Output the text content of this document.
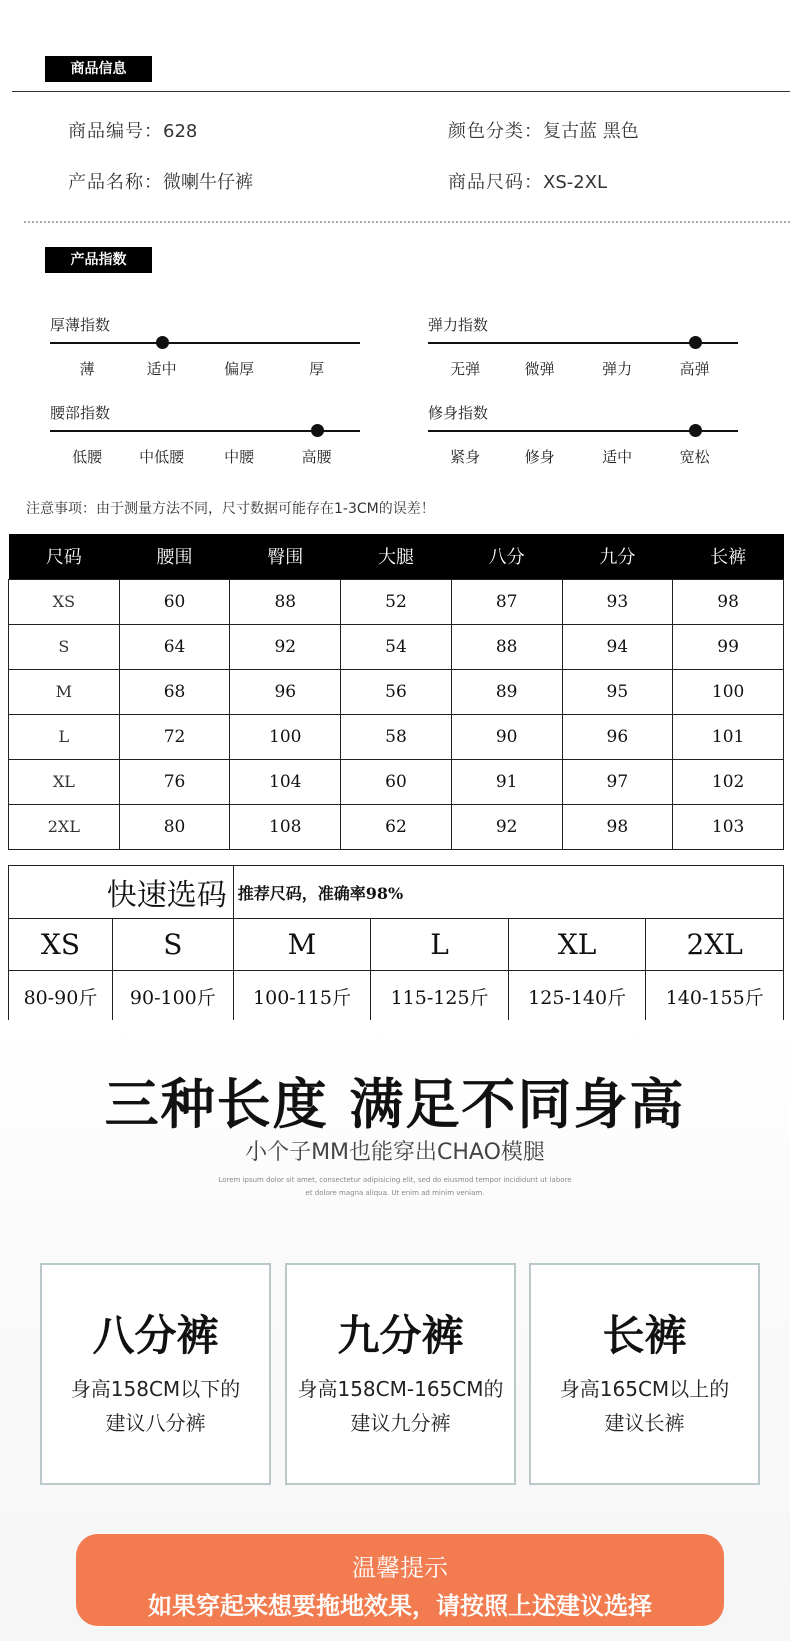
商品信息
商品编号：628
产品名称：微喇牛仔裤
颜色分类：复古蓝 黑色
商品尺码：XS-2XL
产品指数
厚薄指数
薄	适中	偏厚	厚
弹力指数
无弹	微弹	弹力	高弹
腰部指数
低腰 中低腰	中腰	高腰
修身指数
紧身	修身	适中	宽松
注意事项：由于测量方法不同，尺寸数据可能存在1-3CM的误差！
尺码	腰围	臀围	大腿	八分	九分	长裤
XS	60	88	52	87	93	98
S	64	92	54	88	94	99
M	68	96	56	89	95	100
L	72	100	58	90	96	101
XL	76	104	60	91	97	102
2XL	80	108	62	92	98	103
快速选码		推荐尺码，准确率98%			
XS	S	M	L	XL	2XL
80-90斤	90-100斤	100-115斤	115-125斤	125-140斤	140-155斤
三种长度 满足不同身高
小个子MM也能穿出CHAO模腿
Lorem ipsum dolor sit amet, consectetur adipisicing elit, sed do eiusmod tempor incididunt ut labore
et dolore magna aliqua. Ut enim ad minim veniam.
八分裤
身高158CM以下的
建议八分裤
九分裤
身高158CM-165CM的
建议九分裤
长裤
身高165CM以上的
建议长裤
温馨提示
如果穿起来想要拖地效果，请按照上述建议选择
